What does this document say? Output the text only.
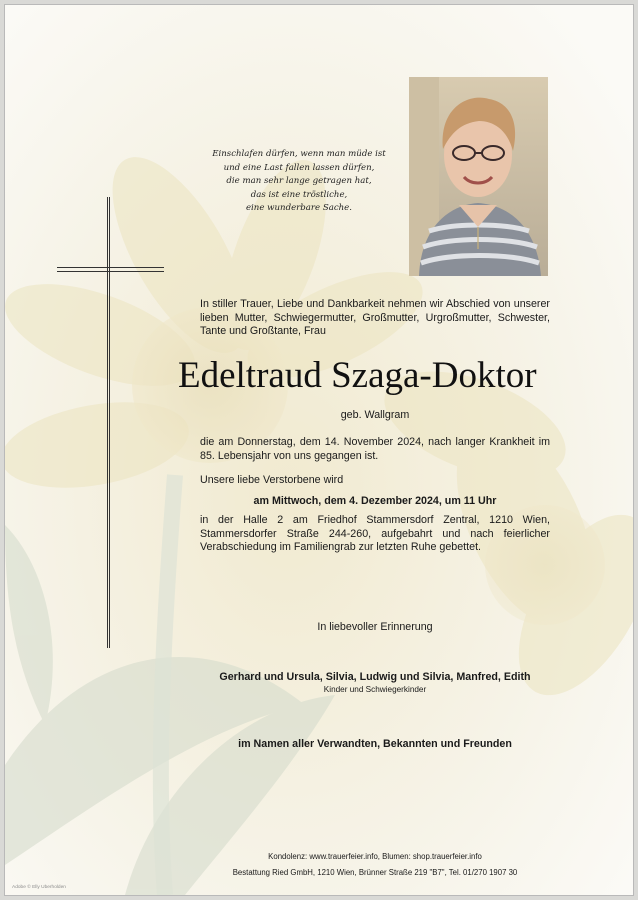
Einschlafen dürfen, wenn man müde ist
und eine Last fallen lassen dürfen,
die man sehr lange getragen hat,
das ist eine tröstliche,
eine wunderbare Sache.
In stiller Trauer, Liebe und Dankbarkeit nehmen wir Abschied von unserer lieben Mutter, Schwiegermutter, Großmutter, Urgroßmutter, Schwester, Tante und Großtante, Frau
Edeltraud Szaga-Doktor
geb. Wallgram
die am Donnerstag, dem 14. November 2024, nach langer Krankheit im 85. Lebensjahr von uns gegangen ist.
Unsere liebe Verstorbene wird
am Mittwoch, dem 4. Dezember 2024, um 11 Uhr
in der Halle 2 am Friedhof Stammersdorf Zentral, 1210 Wien, Stammersdorfer Straße 244-260, aufgebahrt und nach feierlicher Verabschiedung im Familiengrab zur letzten Ruhe gebettet.
In liebevoller Erinnerung
Gerhard und Ursula, Silvia, Ludwig und Silvia, Manfred, Edith
Kinder und Schwiegerkinder
im Namen aller Verwandten, Bekannten und Freunden
Kondolenz: www.trauerfeier.info, Blumen: shop.trauerfeier.info
Bestattung Ried GmbH, 1210 Wien, Brünner Straße 219 "B7", Tel. 01/270 1907 30
Adobe © Elly Uberholden
